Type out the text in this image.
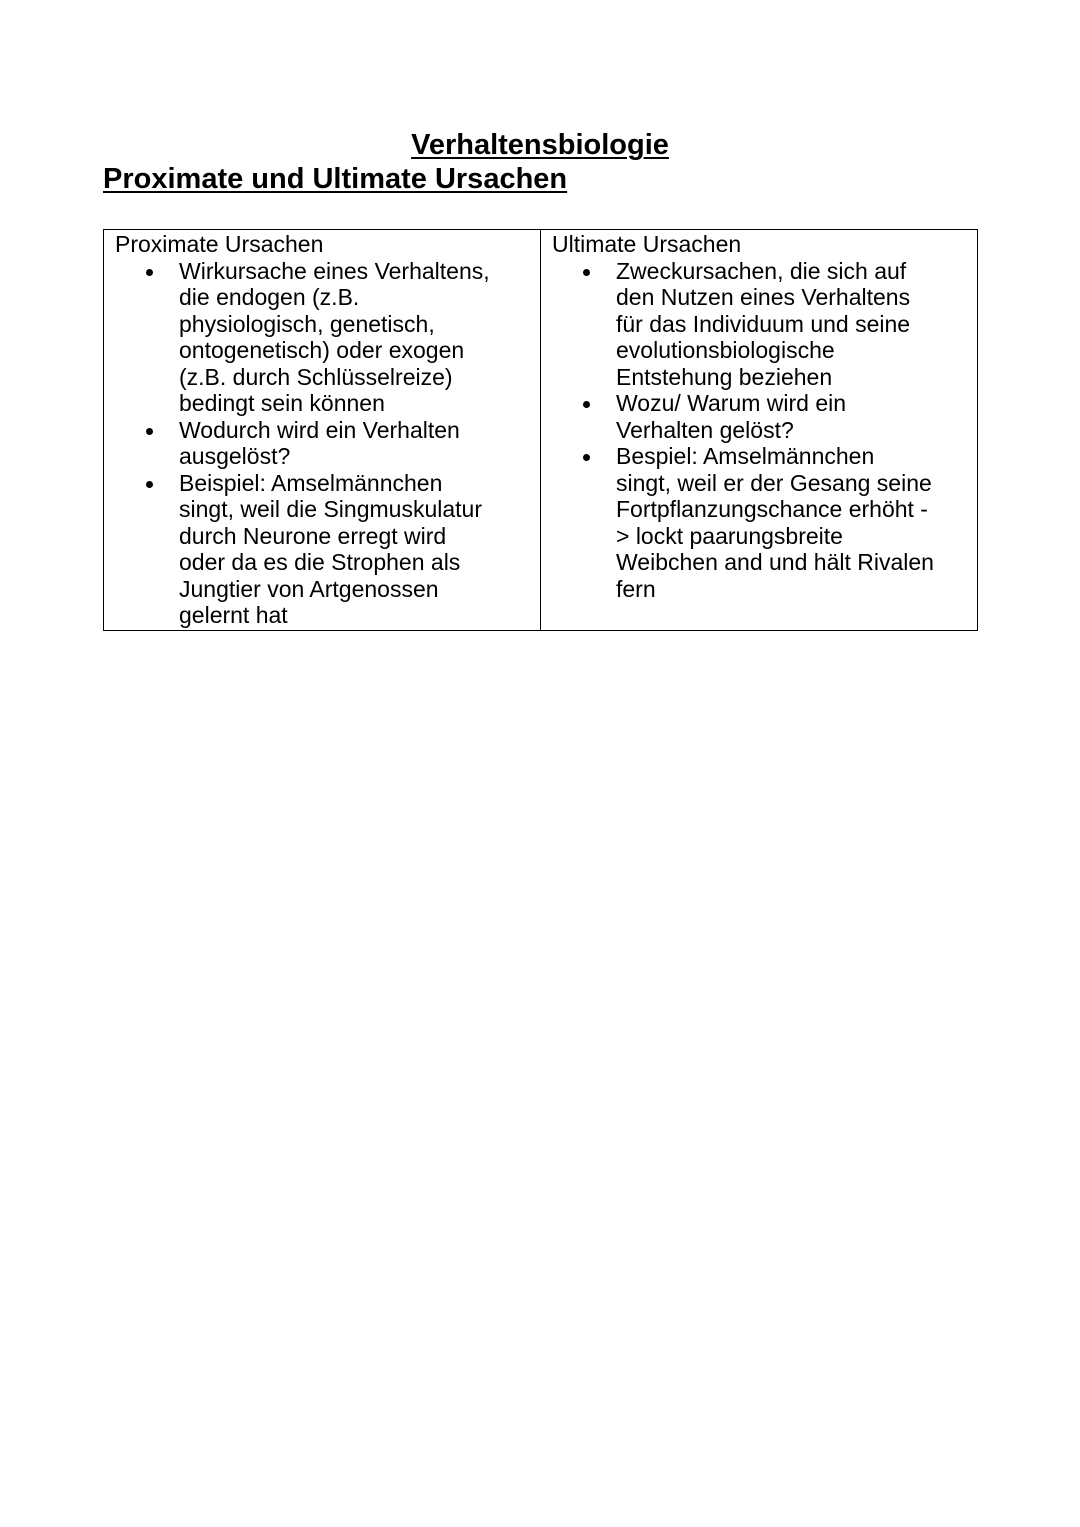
Verhaltensbiologie
Proximate und Ultimate Ursachen
Proximate Ursachen
Wirkursache eines Verhaltens,
die endogen (z.B.
physiologisch, genetisch,
ontogenetisch) oder exogen
(z.B. durch Schlüsselreize)
bedingt sein können
Wodurch wird ein Verhalten
ausgelöst?
Beispiel: Amselmännchen
singt, weil die Singmuskulatur
durch Neurone erregt wird
oder da es die Strophen als
Jungtier von Artgenossen
gelernt hat

Ultimate Ursachen
Zweckursachen, die sich auf
den Nutzen eines Verhaltens
für das Individuum und seine
evolutionsbiologische
Entstehung beziehen
Wozu/ Warum wird ein
Verhalten gelöst?
Bespiel: Amselmännchen
singt, weil er der Gesang seine
Fortpflanzungschance erhöht -
> lockt paarungsbreite
Weibchen and und hält Rivalen
fern
